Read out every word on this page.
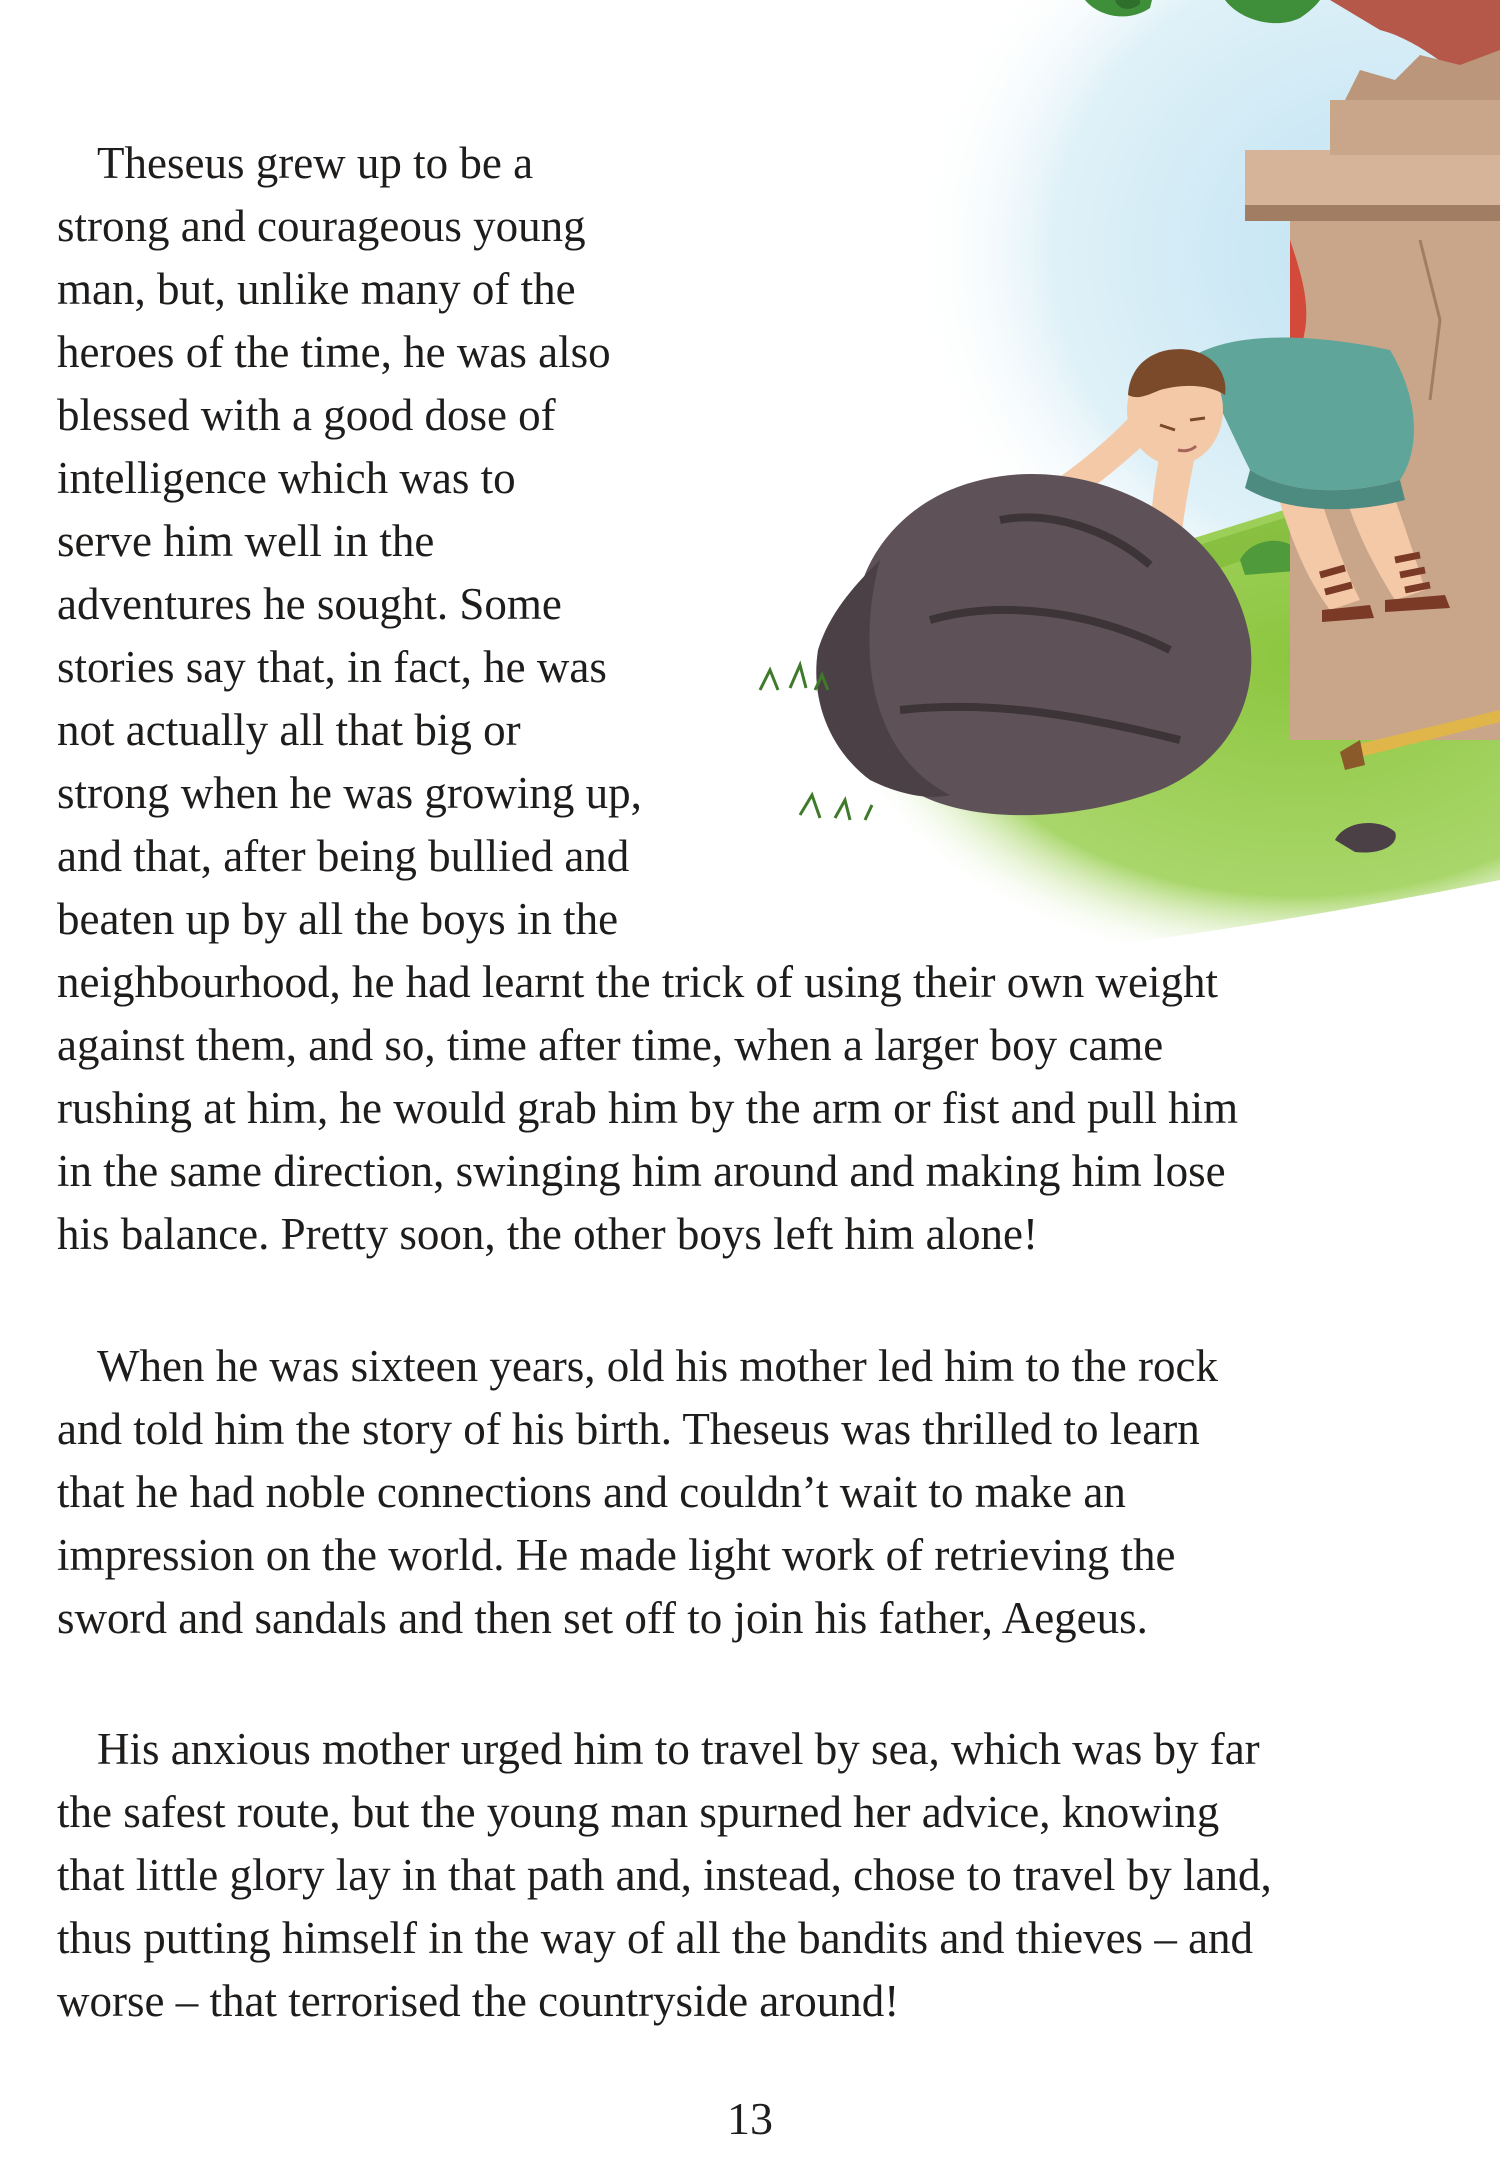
Theseus grew up to be a

strong and courageous young

man, but, unlike many of the

heroes of the time, he was also

blessed with a good dose of

intelligence which was to

serve him well in the

adventures he sought. Some

stories say that, in fact, he was

not actually all that big or

strong when he was growing up,

and that, after being bullied and

beaten up by all the boys in the

neighbourhood, he had learnt the trick of using their own weight

against them, and so, time after time, when a larger boy came

rushing at him, he would grab him by the arm or fist and pull him

in the same direction, swinging him around and making him lose

his balance. Pretty soon, the other boys left him alone!

When he was sixteen years, old his mother led him to the rock

and told him the story of his birth. Theseus was thrilled to learn

that he had noble connections and couldn’t wait to make an

impression on the world. He made light work of retrieving the

sword and sandals and then set off to join his father, Aegeus.

His anxious mother urged him to travel by sea, which was by far

the safest route, but the young man spurned her advice, knowing

that little glory lay in that path and, instead, chose to travel by land,

thus putting himself in the way of all the bandits and thieves – and

worse – that terrorised the countryside around!

13
